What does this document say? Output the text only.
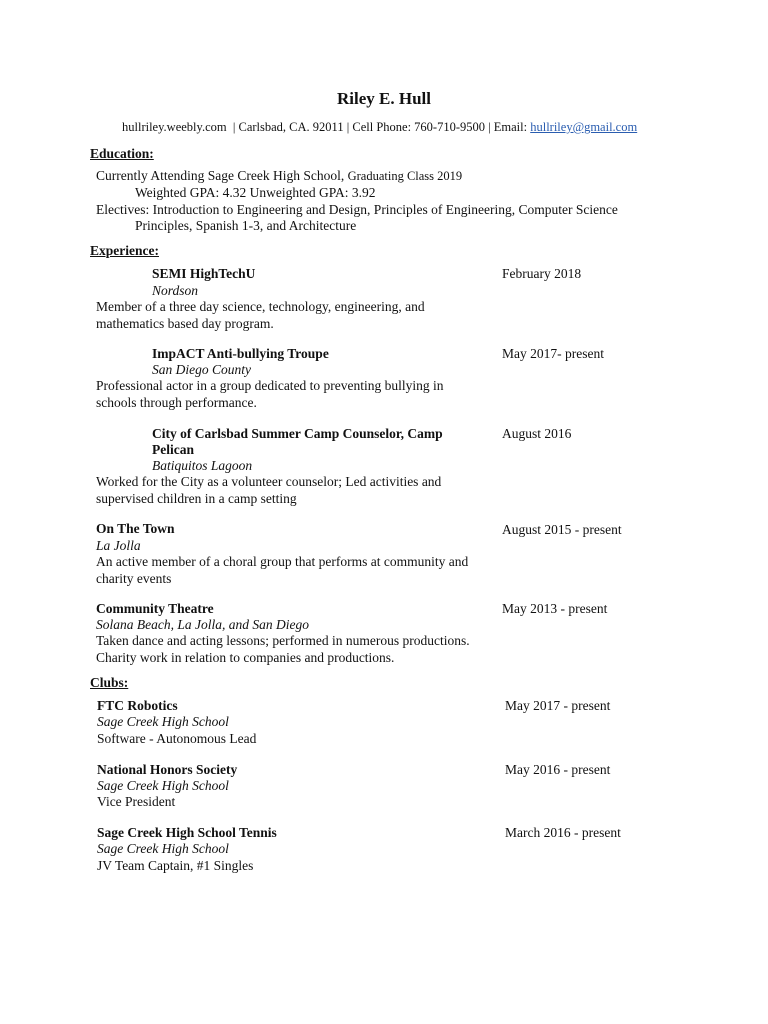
Riley E. Hull
hullriley.weebly.com  | Carlsbad, CA. 92011 | Cell Phone: 760-710-9500 | Email: hullriley@gmail.com
Education:
Currently Attending Sage Creek High School, Graduating Class 2019
Weighted GPA: 4.32 Unweighted GPA: 3.92
Electives: Introduction to Engineering and Design, Principles of Engineering, Computer Science
Principles, Spanish 1-3, and Architecture
Experience:
SEMI HighTechU	February 2018
Nordson
Member of a three day science, technology, engineering, and
mathematics based day program.
ImpACT Anti-bullying Troupe	May 2017- present
San Diego County
Professional actor in a group dedicated to preventing bullying in
schools through performance.
City of Carlsbad Summer Camp Counselor, Camp	August 2016
Pelican
Batiquitos Lagoon
Worked for the City as a volunteer counselor; Led activities and
supervised children in a camp setting
On The Town	August 2015 - present
La Jolla
An active member of a choral group that performs at community and
charity events
Community Theatre	May 2013 - present
Solana Beach, La Jolla, and San Diego
Taken dance and acting lessons; performed in numerous productions.
Charity work in relation to companies and productions.
Clubs:
FTC Robotics	May 2017 - present
Sage Creek High School
Software - Autonomous Lead
National Honors Society	May 2016 - present
Sage Creek High School
Vice President
Sage Creek High School Tennis	March 2016 - present
Sage Creek High School
JV Team Captain, #1 Singles
